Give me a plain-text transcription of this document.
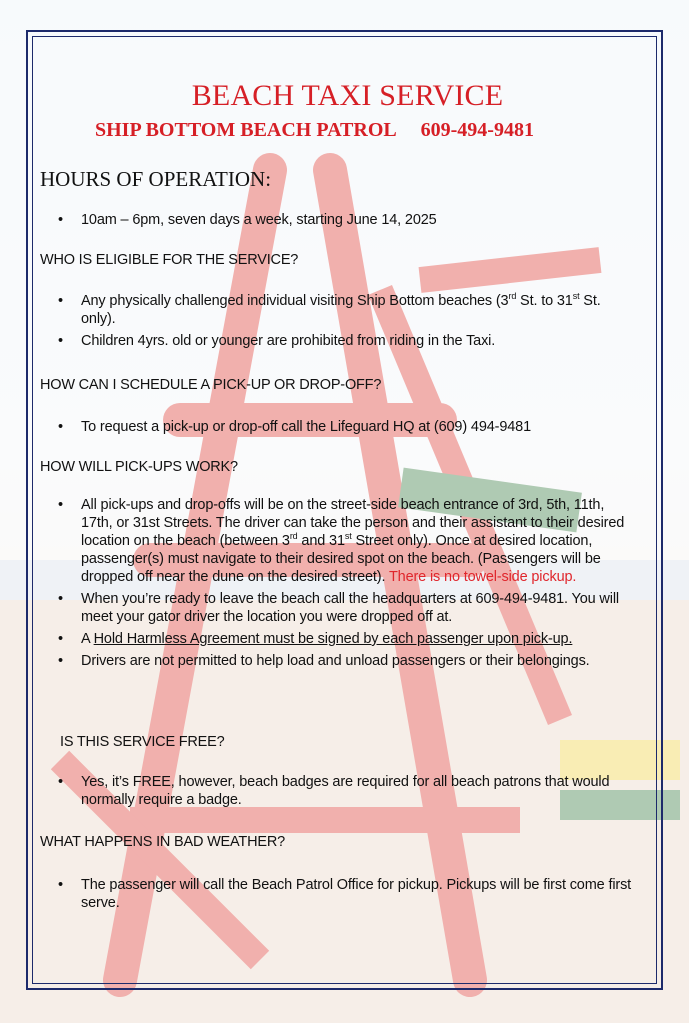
BEACH TAXI SERVICE
SHIP BOTTOM BEACH PATROL 609-494-9481
HOURS OF OPERATION:
• 10am – 6pm, seven days a week, starting June 14, 2025
WHO IS ELIGIBLE FOR THE SERVICE?
• Any physically challenged individual visiting Ship Bottom beaches (3rd St. to 31st St. only).
• Children 4yrs. old or younger are prohibited from riding in the Taxi.
HOW CAN I SCHEDULE A PICK-UP OR DROP-OFF?
• To request a pick-up or drop-off call the Lifeguard HQ at (609) 494-9481
HOW WILL PICK-UPS WORK?
• All pick-ups and drop-offs will be on the street-side beach entrance of 3rd, 5th, 11th, 17th, or 31st Streets. The driver can take the person and their assistant to their desired location on the beach (between 3rd and 31st Street only). Once at desired location, passenger(s) must navigate to their desired spot on the beach. (Passengers will be dropped off near the dune on the desired street). There is no towel-side pickup.
• When you’re ready to leave the beach call the headquarters at 609-494-9481. You will meet your gator driver the location you were dropped off at.
• A Hold Harmless Agreement must be signed by each passenger upon pick-up.
• Drivers are not permitted to help load and unload passengers or their belongings.
IS THIS SERVICE FREE?
• Yes, it’s FREE, however, beach badges are required for all beach patrons that would normally require a badge.
WHAT HAPPENS IN BAD WEATHER?
• The passenger will call the Beach Patrol Office for pickup. Pickups will be first come first serve.
